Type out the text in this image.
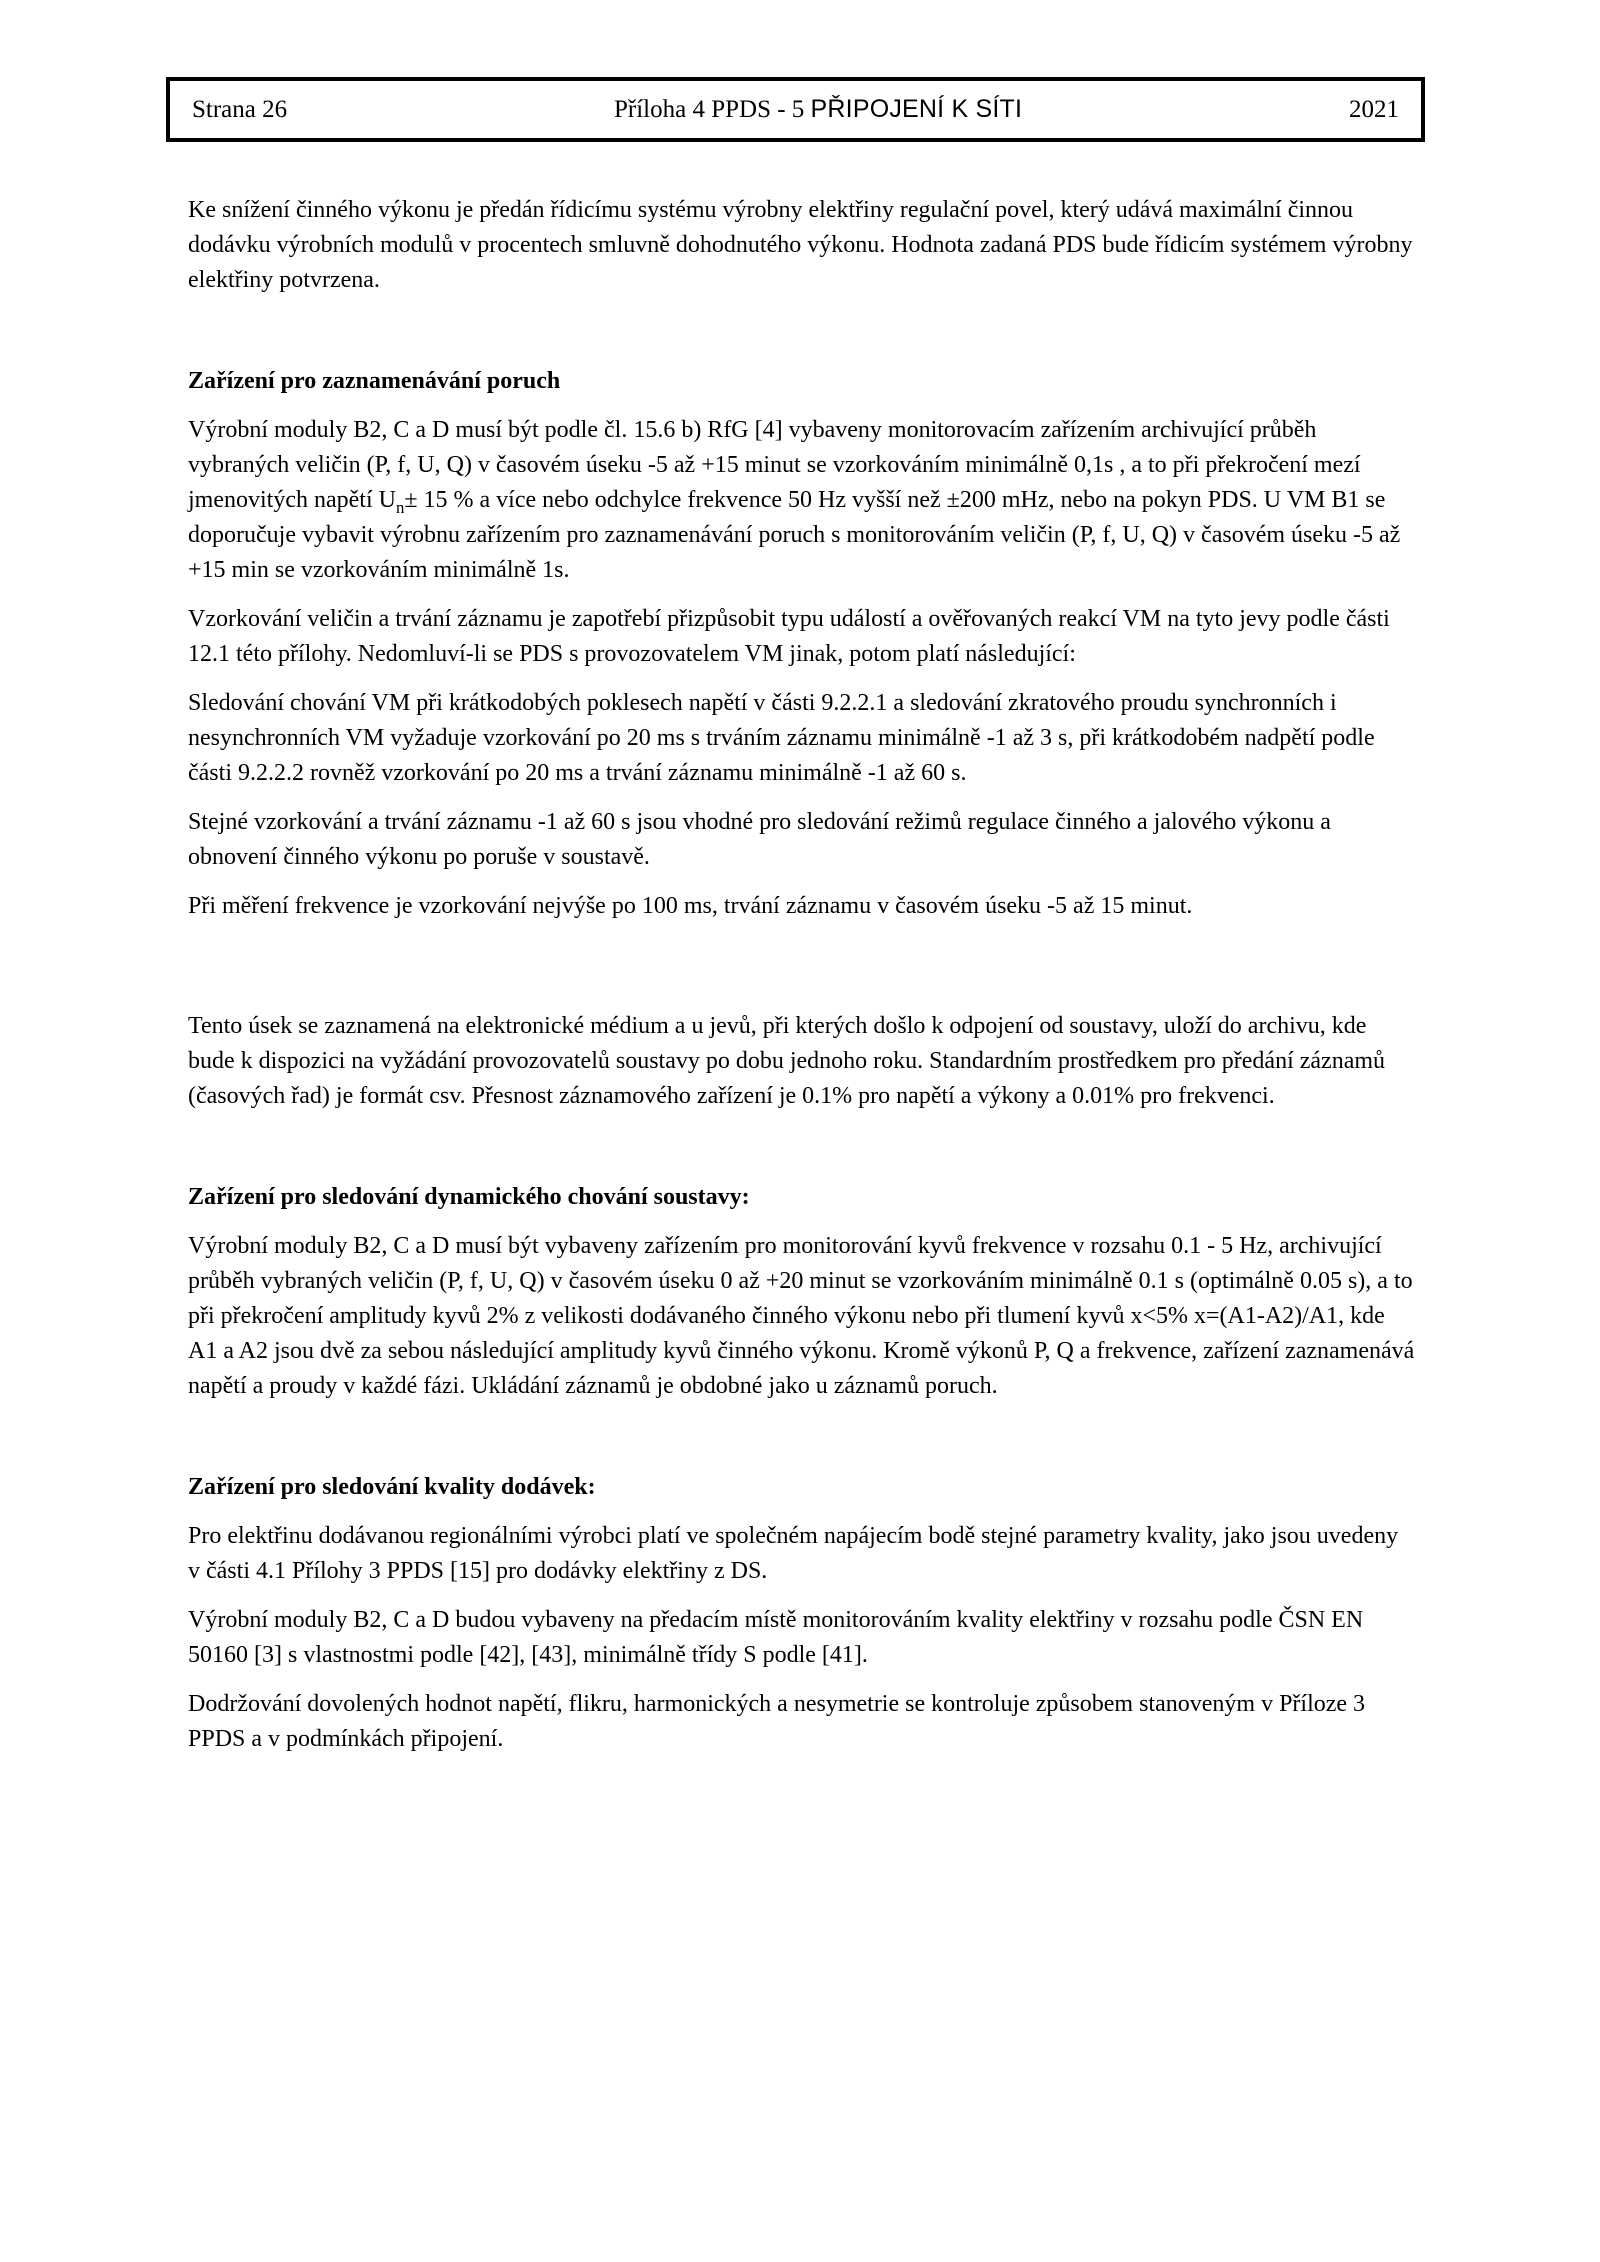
Strana 26	Příloha 4 PPDS - 5 PŘIPOJENÍ K SÍTI	2021

Ke snížení činného výkonu je předán řídicímu systému výrobny elektřiny regulační povel, který udává maximální činnou dodávku výrobních modulů v procentech smluvně dohodnutého výkonu. Hodnota zadaná PDS bude řídicím systémem výrobny elektřiny potvrzena.

Zařízení pro zaznamenávání poruch

Výrobní moduly B2, C a D musí být podle čl. 15.6 b) RfG [4] vybaveny monitorovacím zařízením archivující průběh vybraných veličin (P, f, U, Q) v časovém úseku -5 až +15 minut se vzorkováním minimálně 0,1s , a to při překročení mezí jmenovitých napětí $U_n\pm 15$ % a více nebo odchylce frekvence 50 Hz vyšší než ±200 mHz, nebo na pokyn PDS. U VM B1 se doporučuje vybavit výrobnu zařízením pro zaznamenávání poruch s monitorováním veličin (P, f, U, Q) v časovém úseku -5 až +15 min se vzorkováním minimálně 1s.

Vzorkování veličin a trvání záznamu je zapotřebí přizpůsobit typu událostí a ověřovaných reakcí VM na tyto jevy podle části 12.1 této přílohy. Nedomluví-li se PDS s provozovatelem VM jinak, potom platí následující:

Sledování chování VM při krátkodobých poklesech napětí v části 9.2.2.1 a sledování zkratového proudu synchronních i nesynchronních VM vyžaduje vzorkování po 20 ms s trváním záznamu minimálně -1 až 3 s, při krátkodobém nadpětí podle části 9.2.2.2 rovněž vzorkování po 20 ms a trvání záznamu minimálně -1 až 60 s.

Stejné vzorkování a trvání záznamu -1 až 60 s jsou vhodné pro sledování režimů regulace činného a jalového výkonu a obnovení činného výkonu po poruše v soustavě.

Při měření frekvence je vzorkování nejvýše po 100 ms, trvání záznamu v časovém úseku -5 až 15 minut.

Tento úsek se zaznamená na elektronické médium a u jevů, při kterých došlo k odpojení od soustavy, uloží do archivu, kde bude k dispozici na vyžádání provozovatelů soustavy po dobu jednoho roku. Standardním prostředkem pro předání záznamů (časových řad) je formát csv. Přesnost záznamového zařízení je 0.1% pro napětí a výkony a 0.01% pro frekvenci.

Zařízení pro sledování dynamického chování soustavy:

Výrobní moduly B2, C a D musí být vybaveny zařízením pro monitorování kyvů frekvence v rozsahu 0.1 - 5 Hz, archivující průběh vybraných veličin (P, f, U, Q) v časovém úseku 0 až +20 minut se vzorkováním minimálně 0.1 s (optimálně 0.05 s), a to při překročení amplitudy kyvů 2% z velikosti dodávaného činného výkonu nebo při tlumení kyvů x<5% x=(A1-A2)/A1, kde A1 a A2 jsou dvě za sebou následující amplitudy kyvů činného výkonu. Kromě výkonů P, Q a frekvence, zařízení zaznamenává napětí a proudy v každé fázi. Ukládání záznamů je obdobné jako u záznamů poruch.

Zařízení pro sledování kvality dodávek:

Pro elektřinu dodávanou regionálními výrobci platí ve společném napájecím bodě stejné parametry kvality, jako jsou uvedeny v části 4.1 Přílohy 3 PPDS [15] pro dodávky elektřiny z DS.

Výrobní moduly B2, C a D budou vybaveny na předacím místě monitorováním kvality elektřiny v rozsahu podle ČSN EN 50160 [3] s vlastnostmi podle [42], [43], minimálně třídy S podle [41].

Dodržování dovolených hodnot napětí, flikru, harmonických a nesymetrie se kontroluje způsobem stanoveným v Příloze 3 PPDS a v podmínkách připojení.
